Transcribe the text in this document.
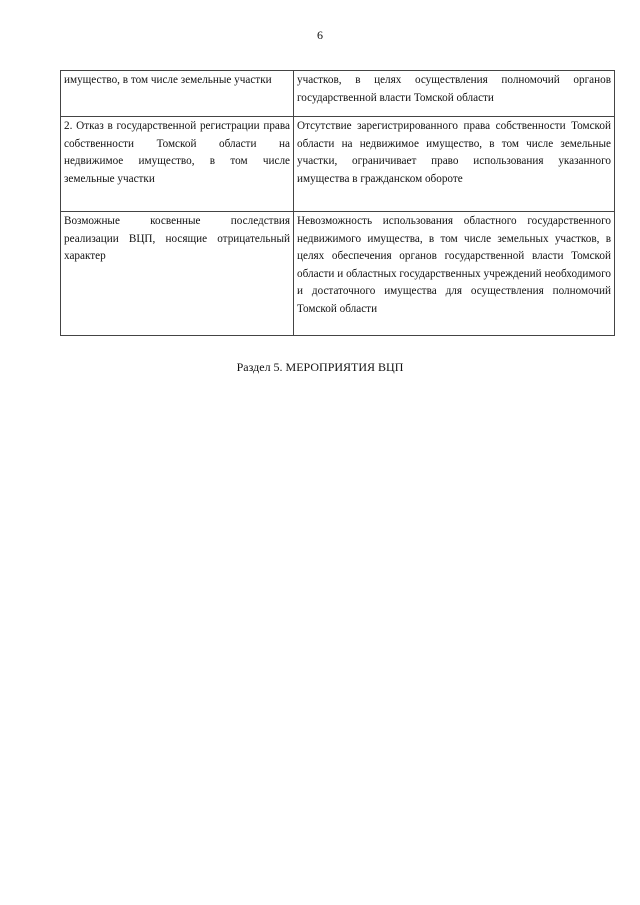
6
имущество, в том числе земельные участки	участков, в целях осуществления полномочий органов государственной власти Томской области

2. Отказ в государственной регистрации права собственности Томской области на недвижимое имущество, в том числе земельные участки	Отсутствие зарегистрированного права собственности Томской области на недвижимое имущество, в том числе земельные участки, ограничивает право использования указанного имущества в гражданском обороте

Возможные косвенные последствия реализации ВЦП, носящие отрицательный характер	Невозможность использования областного государственного недвижимого имущества, в том числе земельных участков, в целях обеспечения органов государственной власти Томской области и областных государственных учреждений необходимого и достаточного имущества для осуществления полномочий Томской области
Раздел 5. МЕРОПРИЯТИЯ ВЦП
